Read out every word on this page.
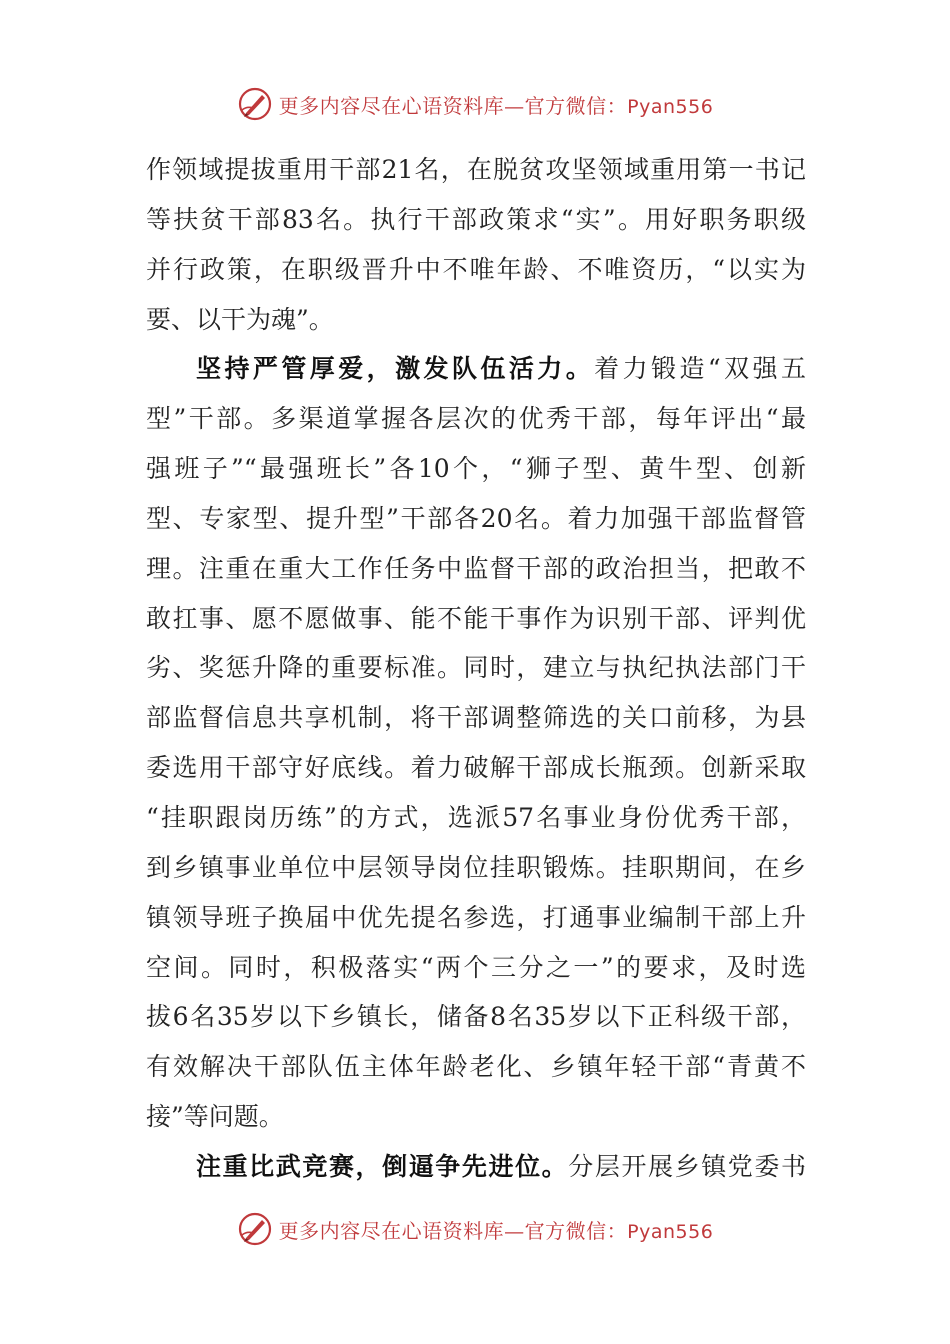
更多内容尽在心语资料库—官方微信：Pyan556
作领域提拔重用干部21名，在脱贫攻坚领域重用第一书记
等扶贫干部83名。执行干部政策求“实”。用好职务职级
并行政策，在职级晋升中不唯年龄、不唯资历，“以实为
要、以干为魂”。
坚持严管厚爱，激发队伍活力。着力锻造“双强五
型”干部。多渠道掌握各层次的优秀干部，每年评出“最
强班子”“最强班长”各10个，“狮子型、黄牛型、创新
型、专家型、提升型”干部各20名。着力加强干部监督管
理。注重在重大工作任务中监督干部的政治担当，把敢不
敢扛事、愿不愿做事、能不能干事作为识别干部、评判优
劣、奖惩升降的重要标准。同时，建立与执纪执法部门干
部监督信息共享机制，将干部调整筛选的关口前移，为县
委选用干部守好底线。着力破解干部成长瓶颈。创新采取
“挂职跟岗历练”的方式，选派57名事业身份优秀干部，
到乡镇事业单位中层领导岗位挂职锻炼。挂职期间，在乡
镇领导班子换届中优先提名参选，打通事业编制干部上升
空间。同时，积极落实“两个三分之一”的要求，及时选
拔6名35岁以下乡镇长，储备8名35岁以下正科级干部，
有效解决干部队伍主体年龄老化、乡镇年轻干部“青黄不
接”等问题。
注重比武竞赛，倒逼争先进位。分层开展乡镇党委书
更多内容尽在心语资料库—官方微信：Pyan556
